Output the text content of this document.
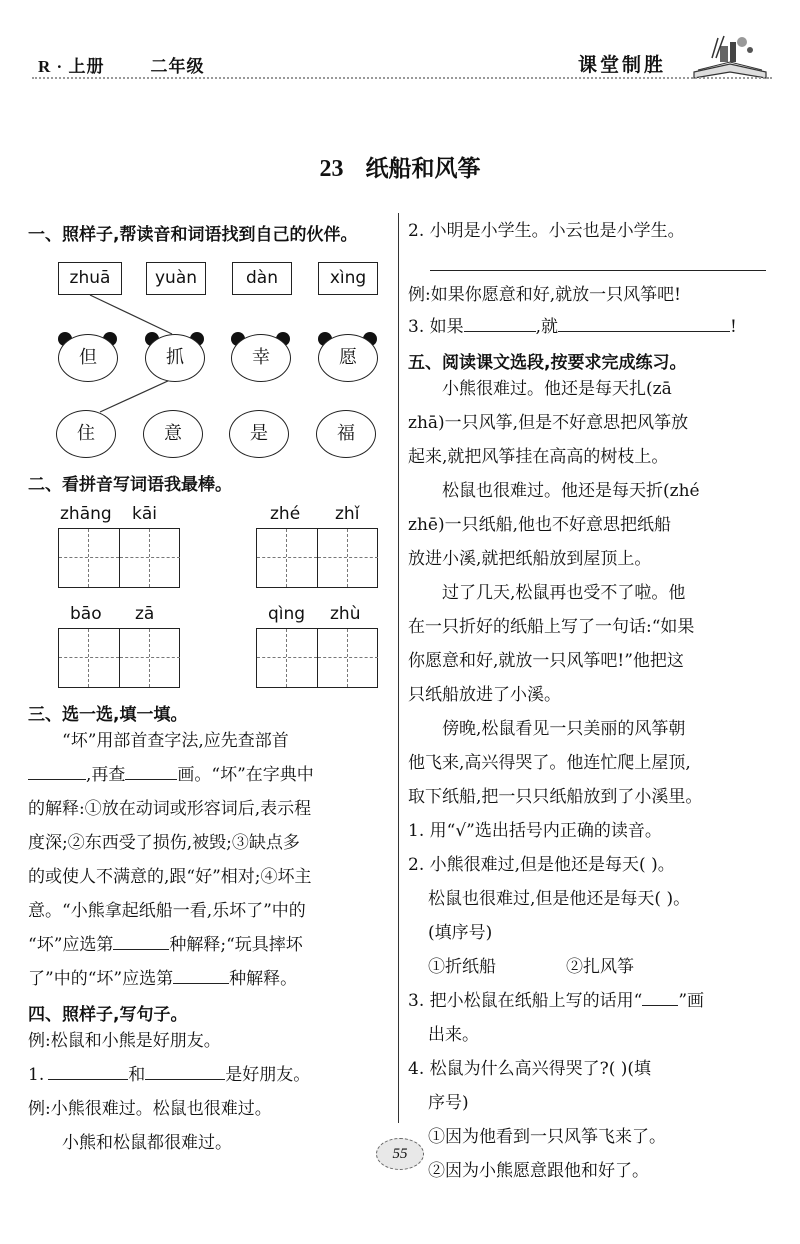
R · 上册	二年级	课堂制胜
23 纸船和风筝
一、照样子,帮读音和词语找到自己的伙伴。
zhuā	yuàn	dàn	xìng
但	抓	幸	愿
住	意	是	福
二、看拼音写词语我最棒。
zhāng kāi	zhé zhǐ
bāo zā	qìng zhù
三、选一选,填一填。
“坏”用部首查字法,应先查部首
,再查	画。“坏”在字典中
的解释:①放在动词或形容词后,表示程
度深;②东西受了损伤,被毁;③缺点多
的或使人不满意的,跟“好”相对;④坏主
意。“小熊拿起纸船一看,乐坏了”中的
“坏”应选第	种解释;“玩具摔坏
了”中的“坏”应选第	种解释。
四、照样子,写句子。
例:松鼠和小熊是好朋友。
1.	和	是好朋友。
例:小熊很难过。松鼠也很难过。
小熊和松鼠都很难过。
2. 小明是小学生。小云也是小学生。
例:如果你愿意和好,就放一只风筝吧!
3. 如果	,就	!
五、阅读课文选段,按要求完成练习。
小熊很难过。他还是每天扎(zā
zhā)一只风筝,但是不好意思把风筝放
起来,就把风筝挂在高高的树枝上。
松鼠也很难过。他还是每天折(zhé
zhē)一只纸船,他也不好意思把纸船
放进小溪,就把纸船放到屋顶上。
过了几天,松鼠再也受不了啦。他
在一只折好的纸船上写了一句话:“如果
你愿意和好,就放一只风筝吧!”他把这
只纸船放进了小溪。
傍晚,松鼠看见一只美丽的风筝朝
他飞来,高兴得哭了。他连忙爬上屋顶,
取下纸船,把一只只纸船放到了小溪里。
1. 用“√”选出括号内正确的读音。
2. 小熊很难过,但是他还是每天( )。
松鼠也很难过,但是他还是每天( )。
(填序号)
①折纸船	②扎风筝
3. 把小松鼠在纸船上写的话用“ ”画
出来。
4. 松鼠为什么高兴得哭了?( )(填
序号)
①因为他看到一只风筝飞来了。
②因为小熊愿意跟他和好了。
55
